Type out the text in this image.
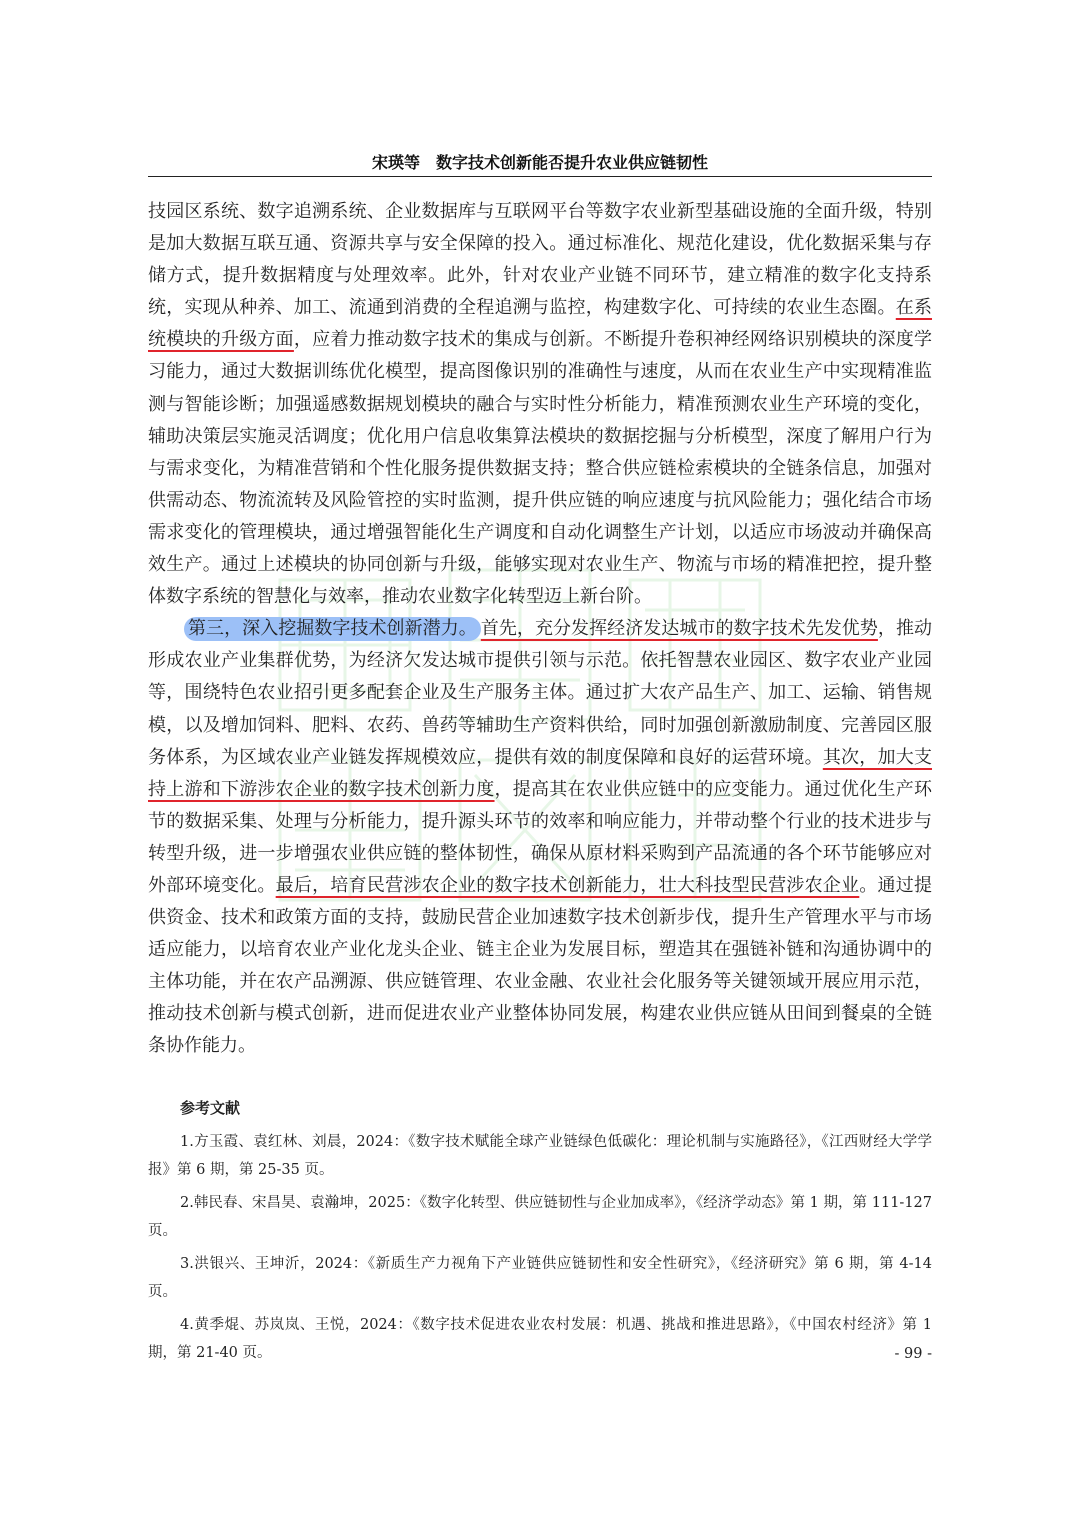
宋瑛等 数字技术创新能否提升农业供应链韧性

技园区系统、数字追溯系统、企业数据库与互联网平台等数字农业新型基础设施的全面升级，特别是加大数据互联互通、资源共享与安全保障的投入。通过标准化、规范化建设，优化数据采集与存储方式，提升数据精度与处理效率。此外，针对农业产业链不同环节，建立精准的数字化支持系统，实现从种养、加工、流通到消费的全程追溯与监控，构建数字化、可持续的农业生态圈。在系统模块的升级方面，应着力推动数字技术的集成与创新。不断提升卷积神经网络识别模块的深度学习能力，通过大数据训练优化模型，提高图像识别的准确性与速度，从而在农业生产中实现精准监测与智能诊断；加强遥感数据规划模块的融合与实时性分析能力，精准预测农业生产环境的变化，辅助决策层实施灵活调度；优化用户信息收集算法模块的数据挖掘与分析模型，深度了解用户行为与需求变化，为精准营销和个性化服务提供数据支持；整合供应链检索模块的全链条信息，加强对供需动态、物流流转及风险管控的实时监测，提升供应链的响应速度与抗风险能力；强化结合市场需求变化的管理模块，通过增强智能化生产调度和自动化调整生产计划，以适应市场波动并确保高效生产。通过上述模块的协同创新与升级，能够实现对农业生产、物流与市场的精准把控，提升整体数字系统的智慧化与效率，推动农业数字化转型迈上新台阶。

第三，深入挖掘数字技术创新潜力。 首先，充分发挥经济发达城市的数字技术先发优势，推动形成农业产业集群优势，为经济欠发达城市提供引领与示范。依托智慧农业园区、数字农业产业园等，围绕特色农业招引更多配套企业及生产服务主体。通过扩大农产品生产、加工、运输、销售规模，以及增加饲料、肥料、农药、兽药等辅助生产资料供给，同时加强创新激励制度、完善园区服务体系，为区域农业产业链发挥规模效应，提供有效的制度保障和良好的运营环境。其次，加大支持上游和下游涉农企业的数字技术创新力度，提高其在农业供应链中的应变能力。通过优化生产环节的数据采集、处理与分析能力，提升源头环节的效率和响应能力，并带动整个行业的技术进步与转型升级，进一步增强农业供应链的整体韧性，确保从原材料采购到产品流通的各个环节能够应对外部环境变化。最后，培育民营涉农企业的数字技术创新能力，壮大科技型民营涉农企业。通过提供资金、技术和政策方面的支持，鼓励民营企业加速数字技术创新步伐，提升生产管理水平与市场适应能力，以培育农业产业化龙头企业、链主企业为发展目标，塑造其在强链补链和沟通协调中的主体功能，并在农产品溯源、供应链管理、农业金融、农业社会化服务等关键领域开展应用示范，推动技术创新与模式创新，进而促进农业产业整体协同发展，构建农业供应链从田间到餐桌的全链条协作能力。

参考文献
1.方玉霞、袁红林、刘晨，2024：《数字技术赋能全球产业链绿色低碳化：理论机制与实施路径》，《江西财经大学学报》第 6 期，第 25-35 页。
2.韩民春、宋昌昊、袁瀚坤，2025：《数字化转型、供应链韧性与企业加成率》，《经济学动态》第 1 期，第 111-127 页。
3.洪银兴、王坤沂，2024：《新质生产力视角下产业链供应链韧性和安全性研究》，《经济研究》第 6 期，第 4-14 页。
4.黄季焜、苏岚岚、王悦，2024：《数字技术促进农业农村发展：机遇、挑战和推进思路》，《中国农村经济》第 1 期，第 21-40 页。	- 99 -
